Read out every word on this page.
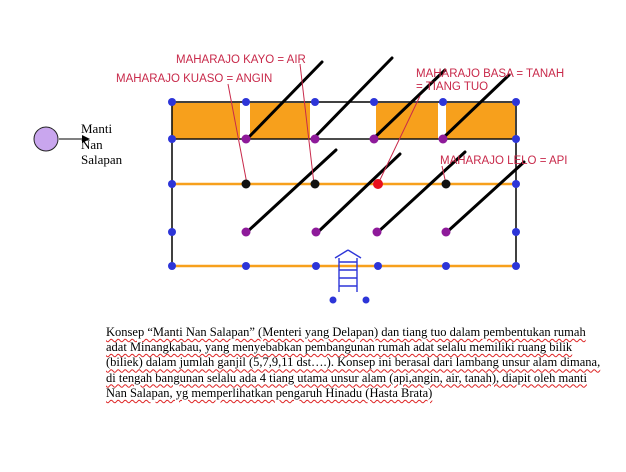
MAHARAJO KAYO = AIR
MAHARAJO KUASO = ANGIN	MAHARAJO BASA = TANAH
= TIANG TUO
MAHARAJO LELO = API
Manti
Nan
Salapan

Konsep “Manti Nan Salapan” (Menteri yang Delapan) dan tiang tuo dalam pembentukan rumah adat Minangkabau, yang menyebabkan pembangunan rumah adat selalu memiliki ruang bilik (biliek) dalam jumlah ganjil (5,7,9,11 dst….). Konsep ini berasal dari lambang unsur alam dimana, di tengah bangunan selalu ada 4 tiang utama unsur alam (api,angin, air, tanah), diapit oleh manti Nan Salapan, yg memperlihatkan pengaruh Hinadu (Hasta Brata)
